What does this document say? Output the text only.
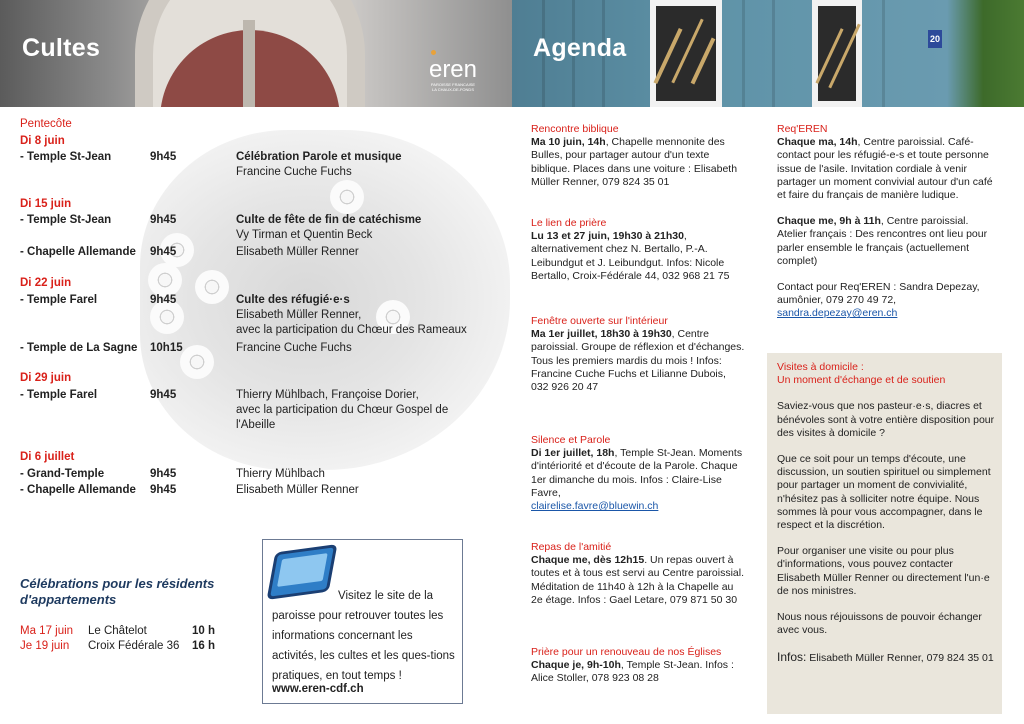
20
Cultes	Agenda
eren
PAROISSE FRANCAISE
LA CHAUX-DE-FONDS
Pentecôte
Di 8 juin
- Temple St-Jean	9h45	Célébration Parole et musique
Francine Cuche Fuchs
Di 15 juin
- Temple St-Jean	9h45	Culte de fête de fin de catéchisme
Vy Tirman et Quentin Beck
- Chapelle Allemande 9h45	Elisabeth Müller Renner
Di 22 juin
- Temple Farel	9h45	Culte des réfugié·e·s
Elisabeth Müller Renner,
avec la participation du Chœur des Rameaux
- Temple de La Sagne 10h15	Francine Cuche Fuchs
Di 29 juin
- Temple Farel	9h45	Thierry Mühlbach, Françoise Dorier,
avec la participation du Chœur Gospel de
l'Abeille
Di 6 juillet
- Grand-Temple	9h45	Thierry Mühlbach
- Chapelle Allemande 9h45	Elisabeth Müller Renner
Célébrations pour les résidents d'appartements
Ma 17 juin Le Châtelot	10 h
Je 19 juin Croix Fédérale 36 16 h
Visitez le site de la
paroisse pour retrouver toutes les informations concernant les activités, les cultes et les ques-tions pratiques, en tout temps !
www.eren-cdf.ch
Rencontre biblique
Ma 10 juin, 14h, Chapelle mennonite des Bulles, pour partager autour d'un texte biblique. Places dans une voiture : Elisabeth Müller Renner, 079 824 35 01
Le lien de prière
Lu 13 et 27 juin, 19h30 à 21h30, alternativement chez N. Bertallo, P.-A. Leibundgut et J. Leibundgut. Infos: Nicole Bertallo, Croix-Fédérale 44, 032 968 21 75
Fenêtre ouverte sur l'intérieur
Ma 1er juillet, 18h30 à 19h30, Centre paroissial. Groupe de réflexion et d'échanges. Tous les premiers mardis du mois ! Infos: Francine Cuche Fuchs et Lilianne Dubois, 032 926 20 47
Silence et Parole
Di 1er juillet, 18h, Temple St-Jean. Moments d'intériorité et d'écoute de la Parole. Chaque 1er dimanche du mois. Infos : Claire-Lise Favre,
clairelise.favre@bluewin.ch
Repas de l'amitié
Chaque me, dès 12h15. Un repas ouvert à toutes et à tous est servi au Centre paroissial. Méditation de 11h40 à 12h à la Chapelle au 2e étage. Infos : Gael Letare, 079 871 50 30
Prière pour un renouveau de nos Églises
Chaque je, 9h-10h, Temple St-Jean. Infos : Alice Stoller, 078 923 08 28
Req'EREN
Chaque ma, 14h, Centre paroissial. Café-contact pour les réfugié-e-s et toute personne issue de l'asile. Invitation cordiale à venir partager un moment convivial autour d'un café et faire du français de manière ludique.
Chaque me, 9h à 11h, Centre paroissial. Atelier français : Des rencontres ont lieu pour parler ensemble le français (actuellement complet)
Contact pour Req'EREN : Sandra Depezay, aumônier, 079 270 49 72,
sandra.depezay@eren.ch
Visites à domicile :
Un moment d'échange et de soutien
Saviez-vous que nos pasteur·e·s, diacres et bénévoles sont à votre entière disposition pour des visites à domicile ?
Que ce soit pour un temps d'écoute, une discussion, un soutien spirituel ou simplement pour partager un moment de convivialité, n'hésitez pas à solliciter notre équipe. Nous sommes là pour vous accompagner, dans le respect et la discrétion.
Pour organiser une visite ou pour plus d'informations, vous pouvez contacter Elisabeth Müller Renner ou directement l'un·e de nos ministres.
Nous nous réjouissons de pouvoir échanger avec vous.
Infos: Elisabeth Müller Renner, 079 824 35 01
